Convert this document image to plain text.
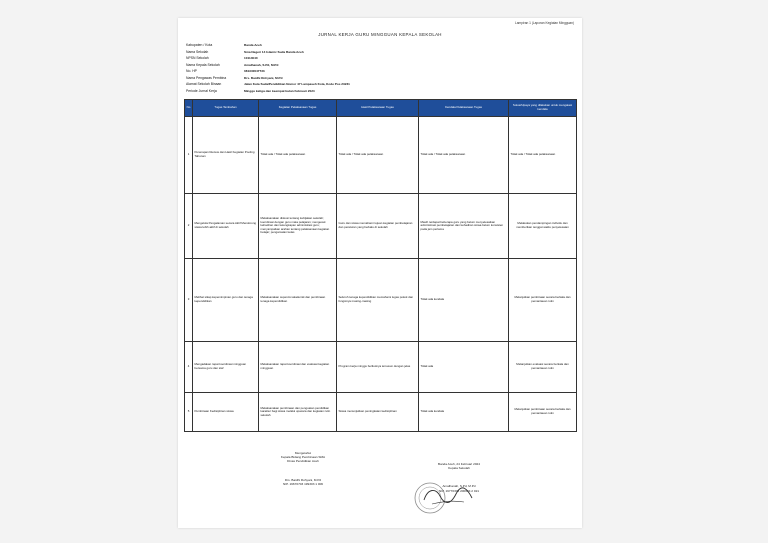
Lampiran 1 (Laporan Kegiatan Mingguan)
JURNAL KERJA GURU MINGGUAN KEPALA SEKOLAH
Kabupaten / Kota	Banda Aceh
Nama Sekolah	Sma Negeri 14 Islamic Suda Banda Aceh
NPSN Sekolah	10114040
Nama Kepala Sekolah	Amalhanah, S.Pd, M.Pd
No. HP	081340047733
Nama Pengawas Pembina	Drs. Baidhi Rohyani, M.Pd
Alamat Sekolah Binaan	Jalan Kuta Suda/Pendidikan Nomor 47 Lampaseh Kota, Kode Pos 23231
Periode Jurnal Kerja	Minggu ketiga dan keempat bulan Februari 2024
No	Tugas Tambahan	Kegiatan Pelaksanaan Tugas	Hasil Pelaksanaan Tugas	Kendala Pelaksanaan Tugas	Solusi/Upaya yang dilakukan untuk mengatasi kendala
1	Penerapan Review dan Hasil Kegiatan Pooling Tahunan	Tidak ada / Tidak ada pelaksanaan	Tidak ada / Tidak ada pelaksanaan	Tidak ada / Tidak ada pelaksanaan	Tidak ada / Tidak ada pelaksanaan
2	Mengelola Pengalaman secara Aktif Mendorong siswa lebih aktif di sekolah	Melaksanakan diskusi tentang kebijakan sekolah; koordinasi dengan guru mata pelajaran; mengecek kehadiran dan kelengkapan administrasi guru; menyampaikan arahan tentang pelaksanaan kegiatan belajar; pengamatan kelas	Guru dan siswa memahami tujuan kegiatan pembelajaran dan peraturan yang berlaku di sekolah	Masih terdapat beberapa guru yang belum menyelesaikan administrasi pembelajaran dan kehadiran siswa belum konsisten pada jam pertama	Melakukan pendampingan individu dan memberikan tenggat waktu penyelesaian
3	Melihat sikap kepemimpinan guru dan tenaga kependidikan	Melaksanakan supervisi akademik dan pembinaan tenaga kependidikan	Seluruh tenaga kependidikan memahami tugas pokok dan fungsinya masing-masing	Tidak ada kendala	Melanjutkan pembinaan secara berkala dan pemantauan rutin
4	Mengadakan rapat koordinasi mingguan bersama guru dan staf	Melaksanakan rapat koordinasi dan evaluasi kegiatan mingguan	Program kerja minggu berikutnya tersusun dengan jelas	Tidak ada	Melanjutkan evaluasi secara berkala dan pemantauan rutin
5	Pembinaan Kedisiplinan siswa	Melaksanakan pembinaan dan penguatan pendidikan karakter bagi siswa melalui upacara dan kegiatan rutin sekolah	Siswa menunjukkan peningkatan kedisiplinan	Tidak ada kendala	Melanjutkan pembinaan secara berkala dan pemantauan rutin
Mengetahui
Kepala Bidang Pembinaan SMA
Dinas Pendidikan Aceh
Drs. Baidhi Rohyani, M.Pd
NIP. 19670703 199303 1 006
Banda Aceh, 24 Februari 2024
Kepala Sekolah
Amalhanah, S.Pd, M.Pd
NIP. 19770308 200604 2 021
